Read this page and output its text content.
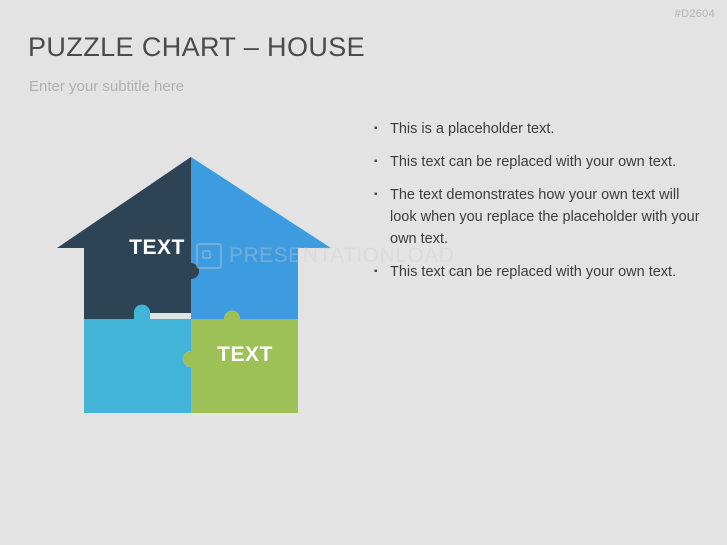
#D2604
PUZZLE CHART – HOUSE
Enter your subtitle here
TEXT
TEXT
PRESENTATIONLOAD
▪ This is a placeholder text.
▪ This text can be replaced with your own text.
▪ The text demonstrates how your own text will look when you replace the placeholder with your own text.
▪ This text can be replaced with your own text.
